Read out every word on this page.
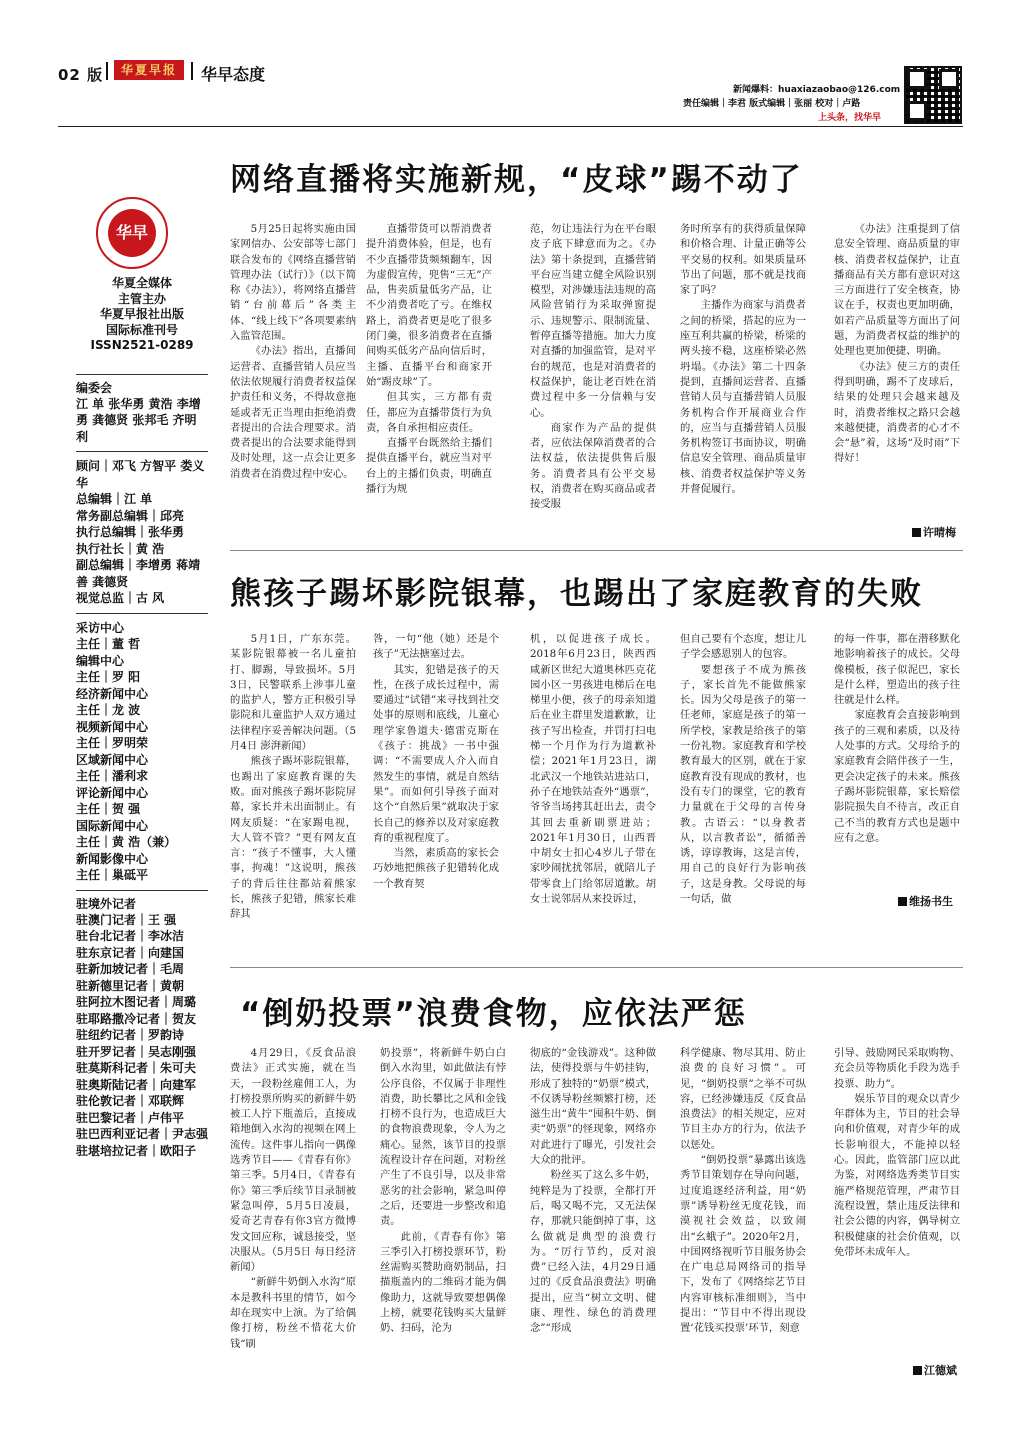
02 版	华夏早报	华早态度
新闻爆料：huaxiazaobao@126.com
责任编辑｜李君 版式编辑｜张丽 校对｜卢路
上头条，找华早
华早
华夏全媒体
主管主办
华夏早报社出版
国际标准刊号
ISSN2521-0289
编委会
江 单 张华勇 黄浩 李增勇 龚德贤 张邦毛 齐明利
顾问｜邓飞 方智平 娄义华
总编辑｜江 单
常务副总编辑｜邱亮
执行总编辑｜张华勇
执行社长｜黄 浩
副总编辑｜李增勇 蒋靖善 龚德贤
视觉总监｜古 风
采访中心
主任｜董 哲
编辑中心
主任｜罗 阳
经济新闻中心
主任｜龙 波
视频新闻中心
主任｜罗明荣
区域新闻中心
主任｜潘利求
评论新闻中心
主任｜贺 强
国际新闻中心
主任｜黄 浩（兼）
新闻影像中心
主任｜巢砥平
驻境外记者
驻澳门记者｜王 强
驻台北记者｜李冰洁
驻东京记者｜向建国
驻新加坡记者｜毛周
驻新德里记者｜黄朝
驻阿拉木图记者｜周璐
驻耶路撒冷记者｜贺友
驻纽约记者｜罗韵诗
驻开罗记者｜吴志刚强
驻莫斯科记者｜朱可夫
驻奥斯陆记者｜向建军
驻伦敦记者｜邓联辉
驻巴黎记者｜卢伟平
驻巴西利亚记者｜尹志强
驻堪培拉记者｜欧阳子
网络直播将实施新规，“皮球”踢不动了

5月25日起将实施由国家网信办、公安部等七部门联合发布的《网络直播营销管理办法（试行）》（以下简称《办法》），将网络直播营销“台前幕后”各类主体、“线上线下”各项要素纳入监管范围。

《办法》指出，直播间运营者、直播营销人员应当依法依规履行消费者权益保护责任和义务，不得故意拖延或者无正当理由拒绝消费者提出的合法合理要求。消费者提出的合法要求能得到及时处理，这一点会让更多消费者在消费过程中安心。

直播带货可以帮消费者提升消费体验，但是，也有不少直播带货频频翻车，因为虚假宣传，兜售“三无”产品，售卖质量低劣产品，让不少消费者吃了亏。在维权路上，消费者更是吃了很多闭门羹，很多消费者在直播间购买低劣产品向信后时，主播、直播平台和商家开始“踢皮球”了。

但其实，三方都有责任，都应为直播带货行为负责，各自承担相应责任。

直播平台既然给主播们提供直播平台，就应当对平台上的主播们负责，明确直播行为规

范，勿让违法行为在平台眼皮子底下肆意而为之。《办法》第十条提到，直播营销平台应当建立健全风险识别模型，对涉嫌违法违规的高风险营销行为采取弹窗提示、违规警示、限制流量、暂停直播等措施。加大力度对直播的加强监管，是对平台的规范，也是对消费者的权益保护，能让老百姓在消费过程中多一分信赖与安心。

商家作为产品的提供者，应依法保障消费者的合法权益，依法提供售后服务。消费者具有公平交易权，消费者在购买商品或者接受服

务时所享有的获得质量保障和价格合理、计量正确等公平交易的权利。如果质量环节出了问题，那不就是找商家了吗？

主播作为商家与消费者之间的桥梁，搭起的应为一座互利共赢的桥梁，桥梁的两头接不稳，这座桥梁必然坍塌。《办法》第二十四条提到，直播间运营者、直播营销人员与直播营销人员服务机构合作开展商业合作的，应当与直播营销人员服务机构签订书面协议，明确信息安全管理、商品质量审核、消费者权益保护等义务并督促履行。

《办法》注重提到了信息安全管理、商品质量的审核、消费者权益保护，让直播商品有关方都有意识对这三方面进行了安全核查，协议在手，权责也更加明确，如若产品质量等方面出了问题，为消费者权益的维护的处理也更加便捷、明确。

《办法》使三方的责任得到明确，踢不了皮球后，结果的处理只会越来越及时，消费者维权之路只会越来越便捷，消费者的心才不会“悬”着，这场“及时雨”下得好！

许晴梅
熊孩子踢坏影院银幕，也踢出了家庭教育的失败

5月1日，广东东莞。某影院银幕被一名儿童拍打、脚踢，导致损坏。5月3日，民警联系上涉事儿童的监护人，警方正积极引导影院和儿童监护人双方通过法律程序妥善解决问题。（5月4日 澎湃新闻）

熊孩子踢坏影院银幕，也踢出了家庭教育课的失败。面对熊孩子踢坏影院屏幕，家长并未出面制止。有网友质疑：“在家踢电视，大人管不管？”更有网友直言：“孩子不懂事，大人懂事，拘魂！”这说明，熊孩子的背后往往都站着熊家长，熊孩子犯错，熊家长难辞其

咎，一句“他（她）还是个孩子”无法搪塞过去。

其实，犯错是孩子的天性，在孩子成长过程中，需要通过“试错”来寻找到社交处事的原则和底线，儿童心理学家鲁道夫·德雷克斯在《孩子：挑战》一书中强调：“不需要成人介入而自然发生的事情，就是自然结果”。而如何引导孩子面对这个“自然后果”就取决于家长自己的修养以及对家庭教育的重视程度了。

当然，素质高的家长会巧妙地把熊孩子犯错转化成一个教育契

机，以促进孩子成长。2018年6月23日，陕西西咸新区世纪大道奥林匹克花园小区一男孩进电梯后在电梯里小便，孩子的母亲知道后在业主群里发道歉歉，让孩子写出检查，并罚打扫电梯一个月作为行为道歉补偿；2021年1月23日，湖北武汉一个地铁站进站口，孙子在地铁站查外“遇票”，爷爷当场拷其赶出去，责令其回去重新刷票进站；2021年1月30日，山西晋中胡女士扣心4岁儿子带在家吵闹扰扰邻居，就陪儿子带零食上门给邻居道歉。胡女士说邻居从来投诉过，

但自己要有个态度，想让儿子学会感恩别人的包容。

要想孩子不成为熊孩子，家长首先不能做熊家长。因为父母是孩子的第一任老师，家庭是孩子的第一所学校，家教是给孩子的第一份礼物。家庭教育和学校教育最大的区别，就在于家庭教育没有现成的教材，也没有专门的课堂，它的教育力量就在于父母的言传身教。古语云：“以身教者从，以言教者讼”，循循善诱，谆谆教诲，这是言传，用自己的良好行为影响孩子，这是身教。父母说的每一句话，做

的每一件事，都在潜移默化地影响着孩子的成长。父母像模板，孩子似泥巴，家长是什么样，塑造出的孩子往往就是什么样。

家庭教育会直接影响到孩子的三观和素质，以及待人处事的方式。父母给予的家庭教育会陪伴孩子一生，更会决定孩子的未来。熊孩子踢坏影院银幕，家长赔偿影院损失自不待言，改正自己不当的教育方式也是题中应有之意。

维扬书生
“倒奶投票”浪费食物，应依法严惩

4月29日，《反食品浪费法》正式实施，就在当天，一段粉丝雇佣工人，为打榜投票所购买的新鲜牛奶被工人拧下瓶盖后，直接成箱地倒入水沟的视频在网上流传。这件事儿指向一偶像选秀节目——《青春有你》第三季。5月4日，《青春有你》第三季后续节目录制被紧急叫停，5月5日凌晨，爱奇艺青春有你3官方微博发文回应称，诚恳接受，坚决服从。（5月5日 每日经济新闻）

“新鲜牛奶倒入水沟”原本是教科书里的情节，如今却在现实中上演。为了给偶像打榜，粉丝不惜花大价钱“刷

奶投票”，将新鲜牛奶白白倒入水沟里，如此做法有悖公序良俗，不仅属于非理性消费，助长攀比之风和金钱打榜不良行为，也造成巨大的食物浪费现象，令人为之痛心。显然，该节目的投票流程设计存在问题，对粉丝产生了不良引导，以及非常恶劣的社会影响，紧急叫停之后，还要进一步整改和追责。

此前，《青春有你》第三季引入打榜投票环节，粉丝需购买赞助商奶制品，扫描瓶盖内的二维码才能为偶像助力，这就导致要想偶像上榜，就要花钱购买大量鲜奶、扫码，沦为

彻底的“金钱游戏”。这种做法，使得投票与牛奶挂钩，形成了独特的“奶票”模式，不仅诱导粉丝频繁打榜，还滋生出“黄牛”囤积牛奶、倒卖“奶票”的怪现象，网络亦对此进行了曝光，引发社会大众的批评。

粉丝买了这么多牛奶，纯粹是为了投票，全都打开后，喝又喝不完，又无法保存，那就只能倒掉了事，这么做就是典型的浪费行为。“厉行节约，反对浪费”已经入法，4月29日通过的《反食品浪费法》明确提出，应当“树立文明、健康、理性、绿色的消费理念”“形成

科学健康、物尽其用、防止浪费的良好习惯”。可见，“倒奶投票”之举不可纵容，已经涉嫌违反《反食品浪费法》的相关规定，应对节目主办方的行为，依法予以惩处。

“倒奶投票”暴露出该选秀节目策划存在导向问题，过度追逐经济利益，用“奶票”诱导粉丝无度花钱，而漠视社会效益，以致闹出“幺蛾子”。2020年2月，中国网络视听节目服务协会在广电总局网络司的指导下，发布了《网络综艺节目内容审核标准细则》，当中提出：“节目中不得出现设置‘花钱买投票’环节，刻意

引导、鼓励网民采取购物、充会员等物质化手段为选手投票、助力”。

娱乐节目的观众以青少年群体为主，节目的社会导向和价值观，对青少年的成长影响很大，不能掉以轻心。因此，监管部门应以此为鉴，对网络选秀类节目实施严格规范管理，严肃节目流程设置，禁止违反法律和社会公德的内容，偶导树立积极健康的社会价值观，以免带坏未成年人。

江德斌
